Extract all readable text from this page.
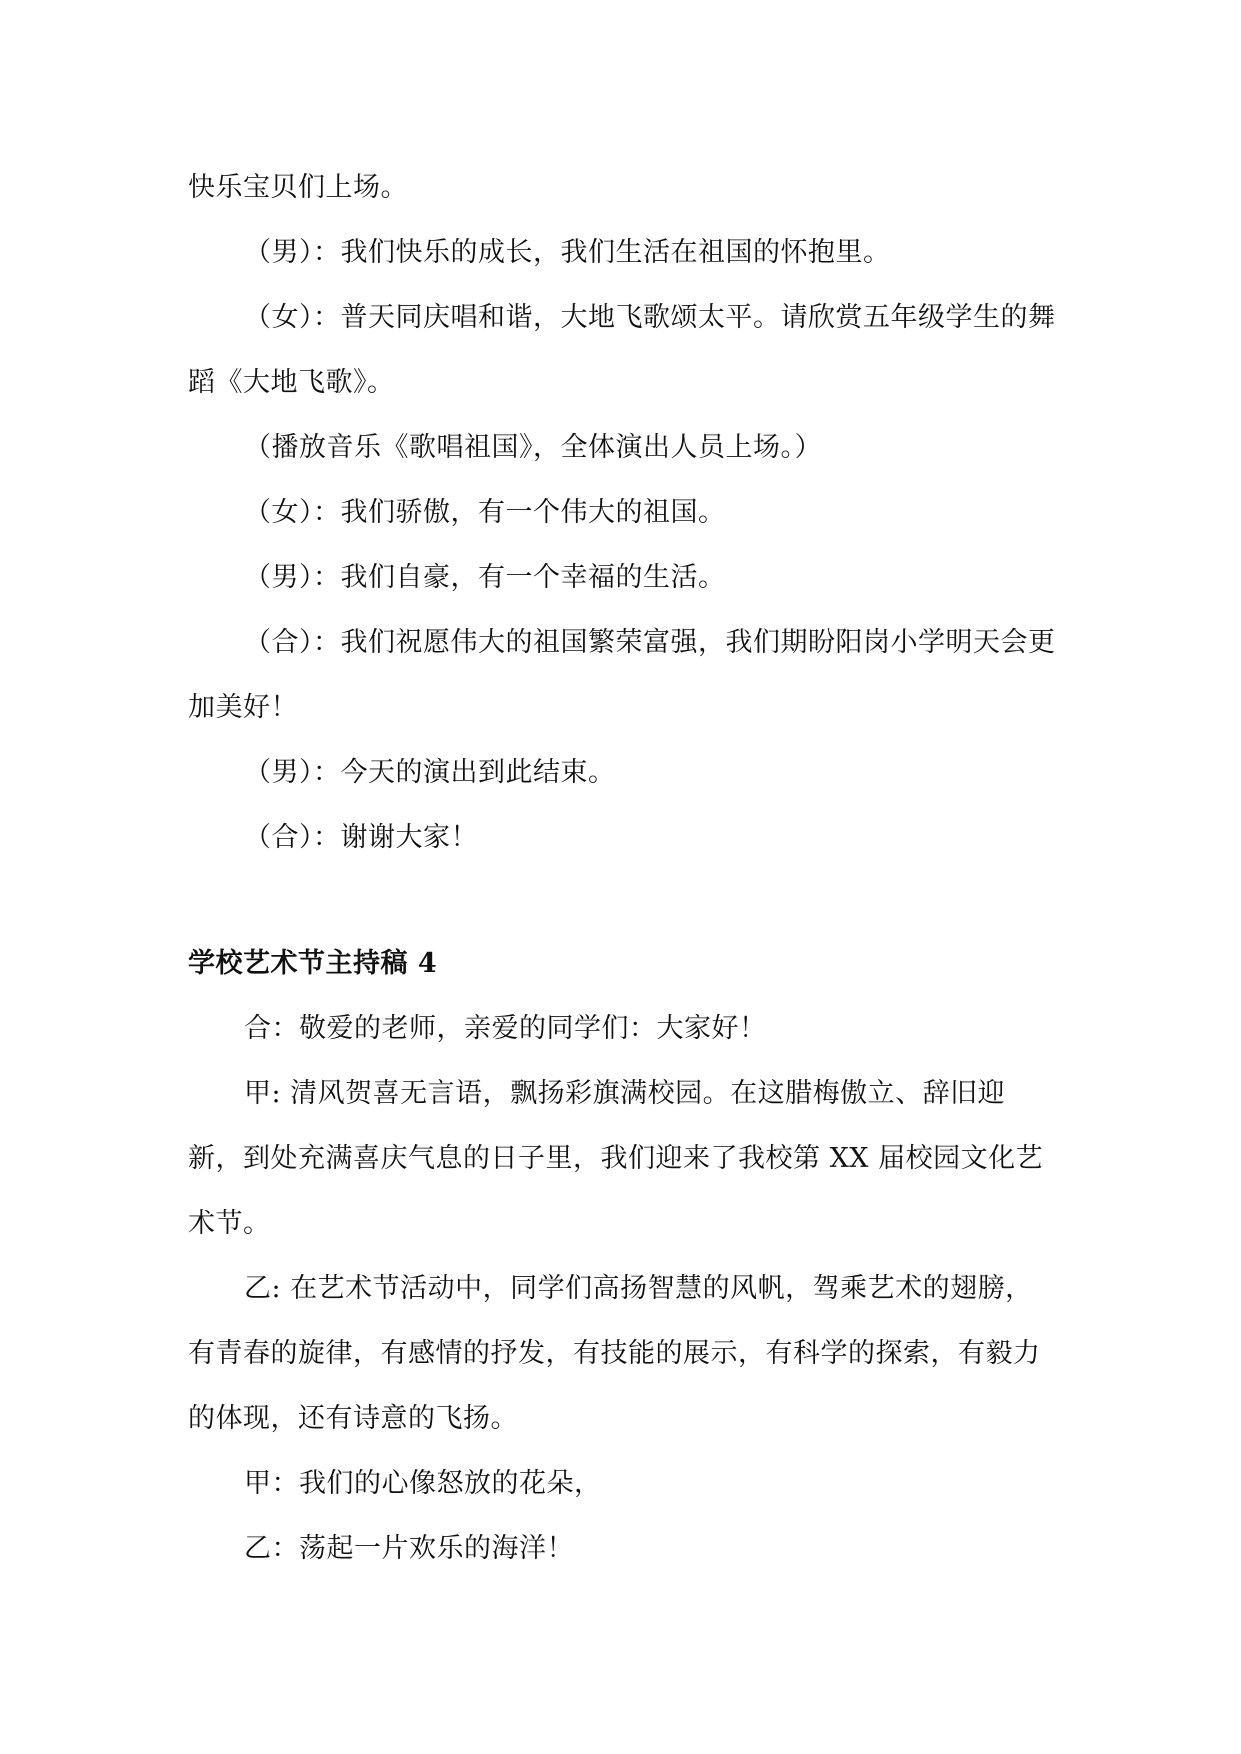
快乐宝贝们上场。

（男）：我们快乐的成长，我们生活在祖国的怀抱里。

（女）：普天同庆唱和谐，大地飞歌颂太平。请欣赏五年级学生的舞蹈《大地飞歌》。

（播放音乐《歌唱祖国》，全体演出人员上场。）

（女）：我们骄傲，有一个伟大的祖国。

（男）：我们自豪，有一个幸福的生活。

（合）：我们祝愿伟大的祖国繁荣富强，我们期盼阳岗小学明天会更加美好！

（男）：今天的演出到此结束。

（合）：谢谢大家！

学校艺术节主持稿 4

合：敬爱的老师，亲爱的同学们：大家好！

甲: 清风贺喜无言语，飘扬彩旗满校园。在这腊梅傲立、辞旧迎新，到处充满喜庆气息的日子里，我们迎来了我校第 XX 届校园文化艺术节。

乙: 在艺术节活动中，同学们高扬智慧的风帆，驾乘艺术的翅膀，有青春的旋律，有感情的抒发，有技能的展示，有科学的探索，有毅力的体现，还有诗意的飞扬。

甲：我们的心像怒放的花朵，

乙：荡起一片欢乐的海洋！
